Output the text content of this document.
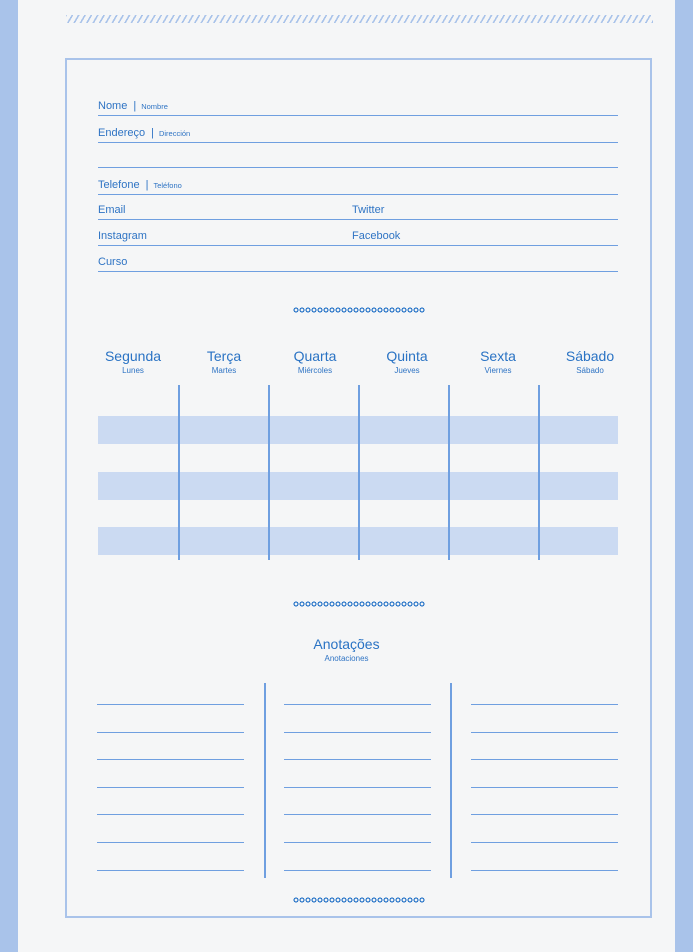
Nome | Nombre
Endereço | Dirección
Telefone | Teléfono
Email	Twitter
Instagram	Facebook
Curso
Segunda
Lunes
Terça
Martes
Quarta
Miércoles
Quinta
Jueves
Sexta
Viernes
Sábado
Sábado
Anotações
Anotaciones
